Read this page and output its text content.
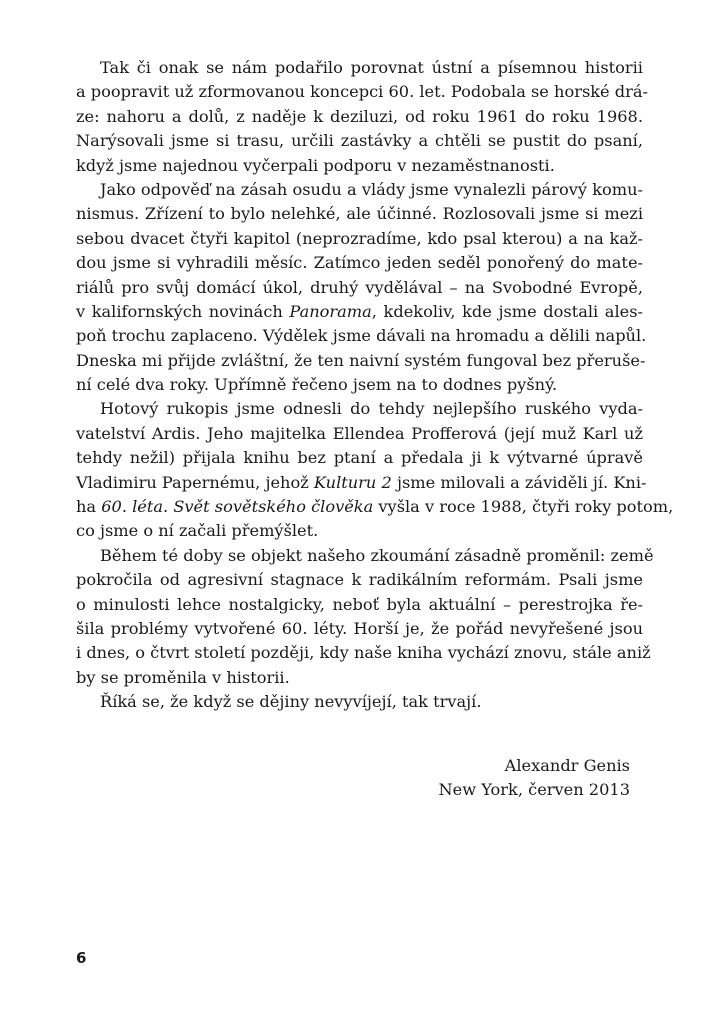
Tak či onak se nám podařilo porovnat ústní a písemnou historii
a poopravit už zformovanou koncepci 60. let. Podobala se horské drá-
ze: nahoru a dolů, z naděje k deziluzi, od roku 1961 do roku 1968.
Narýsovali jsme si trasu, určili zastávky a chtěli se pustit do psaní,
když jsme najednou vyčerpali podporu v nezaměstnanosti.
Jako odpověď na zásah osudu a vlády jsme vynalezli párový komu-
nismus. Zřízení to bylo nelehké, ale účinné. Rozlosovali jsme si mezi
sebou dvacet čtyři kapitol (neprozradíme, kdo psal kterou) a na kaž-
dou jsme si vyhradili měsíc. Zatímco jeden seděl ponořený do mate-
riálů pro svůj domácí úkol, druhý vydělával – na Svobodné Evropě,
v kalifornských novinách Panorama, kdekoliv, kde jsme dostali ales-
poň trochu zaplaceno. Výdělek jsme dávali na hromadu a dělili napůl.
Dneska mi přijde zvláštní, že ten naivní systém fungoval bez přeruše-
ní celé dva roky. Upřímně řečeno jsem na to dodnes pyšný.
Hotový rukopis jsme odnesli do tehdy nejlepšího ruského vyda-
vatelství Ardis. Jeho majitelka Ellendea Profferová (její muž Karl už
tehdy nežil) přijala knihu bez ptaní a předala ji k výtvarné úpravě
Vladimiru Papernému, jehož Kulturu 2 jsme milovali a záviděli jí. Kni-
ha 60. léta. Svět sovětského člověka vyšla v roce 1988, čtyři roky potom,
co jsme o ní začali přemýšlet.
Během té doby se objekt našeho zkoumání zásadně proměnil: země
pokročila od agresivní stagnace k radikálním reformám. Psali jsme
o minulosti lehce nostalgicky, neboť byla aktuální – perestrojka ře-
šila problémy vytvořené 60. léty. Horší je, že pořád nevyřešené jsou
i dnes, o čtvrt století později, kdy naše kniha vychází znovu, stále aniž
by se proměnila v historii.
Říká se, že když se dějiny nevyvíjejí, tak trvají.
Alexandr Genis
New York, červen 2013
6
